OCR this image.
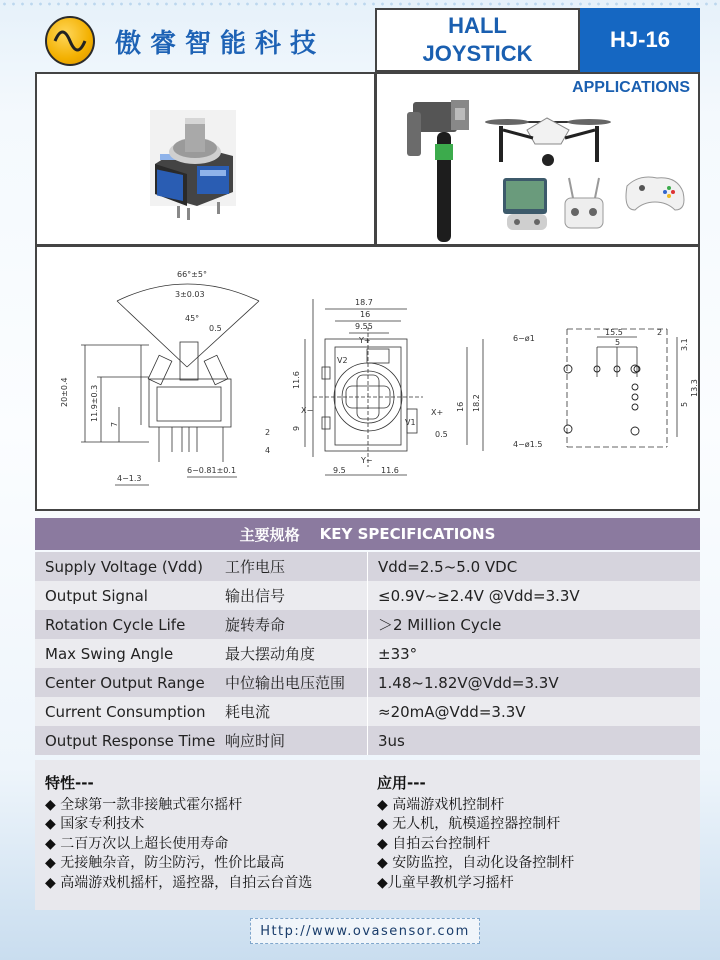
傲睿智能科技
HALL
JOYSTICK
HJ-16
APPLICATIONS
66°±5°
3±0.03
45°
0.5
20±0.4	11.9±0.3
7
2
4
6−0.81±0.1
4−1.3
18.7
16
9.55
Y+
Y−
X+
X−
V2
V1
11.6
9
16 18.2
0.5
9.5	11.6
6−ø1
15.5
5
2
3.1
5
13.3
4−ø1.5
主要规格 KEY SPECIFICATIONS
Supply Voltage (Vdd)	工作电压	Vdd=2.5~5.0 VDC
Output Signal	输出信号	≤0.9V~≥2.4V @Vdd=3.3V
Rotation Cycle Life	旋转寿命	＞2 Million Cycle
Max Swing Angle	最大摆动角度	±33°
Center Output Range	中位输出电压范围	1.48~1.82V@Vdd=3.3V
Current Consumption	耗电流	≈20mA@Vdd=3.3V
Output Response Time 响应时间	3us
特性---
◆ 全球第一款非接触式霍尔摇杆
◆ 国家专利技术
◆ 二百万次以上超长使用寿命
◆ 无接触杂音，防尘防污，性价比最高
◆ 高端游戏机摇杆，遥控器，自拍云台首选
应用---
◆ 高端游戏机控制杆
◆ 无人机，航模遥控器控制杆
◆ 自拍云台控制杆
◆ 安防监控，自动化设备控制杆
◆儿童早教机学习摇杆
Http://www.ovasensor.com
